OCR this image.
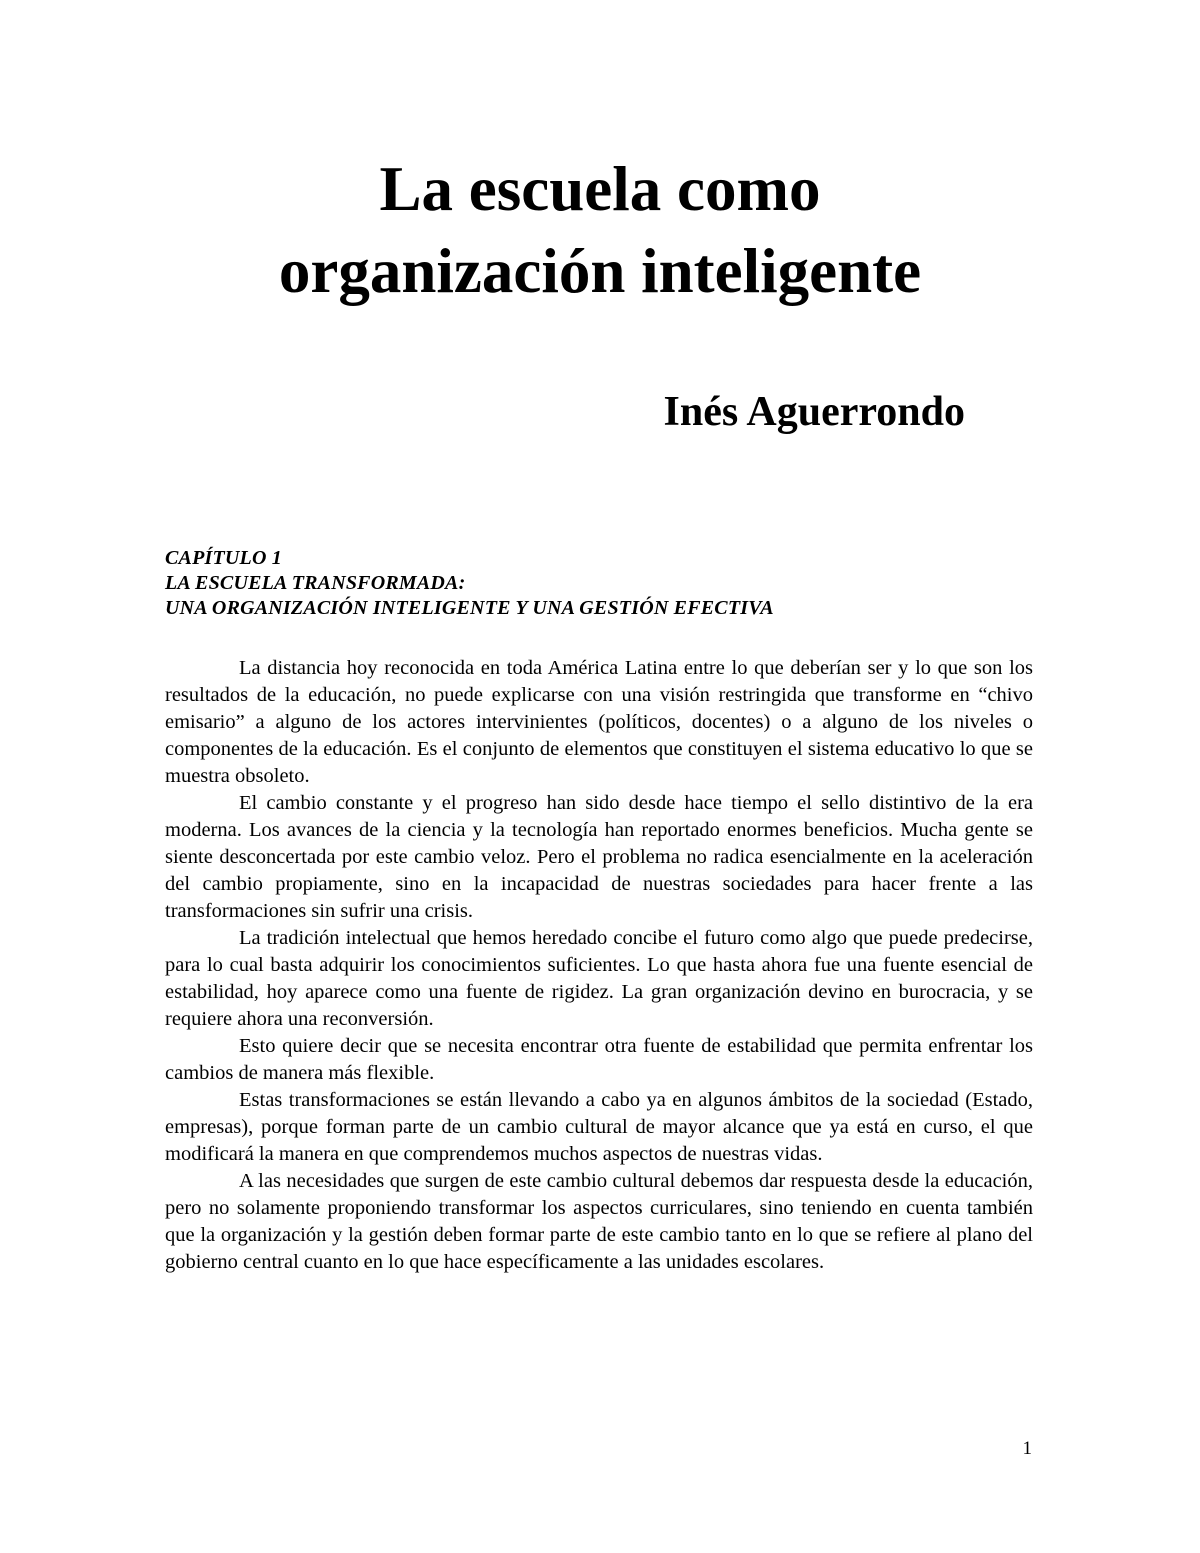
La escuela como
organización inteligente
Inés Aguerrondo
CAPÍTULO 1
LA ESCUELA TRANSFORMADA:
UNA ORGANIZACIÓN INTELIGENTE Y UNA GESTIÓN EFECTIVA

La distancia hoy reconocida en toda América Latina entre lo que deberían ser y lo que son los resultados de la educación, no puede explicarse con una visión restringida que transforme en “chivo emisario” a alguno de los actores intervinientes (políticos, docentes) o a alguno de los niveles o componentes de la educación. Es el conjunto de elementos que constituyen el sistema educativo lo que se muestra obsoleto.

El cambio constante y el progreso han sido desde hace tiempo el sello distintivo de la era moderna. Los avances de la ciencia y la tecnología han reportado enormes beneficios. Mucha gente se siente desconcertada por este cambio veloz. Pero el problema no radica esencialmente en la aceleración del cambio propiamente, sino en la incapacidad de nuestras sociedades para hacer frente a las transformaciones sin sufrir una crisis.

La tradición intelectual que hemos heredado concibe el futuro como algo que puede predecirse, para lo cual basta adquirir los conocimientos suficientes. Lo que hasta ahora fue una fuente esencial de estabilidad, hoy aparece como una fuente de rigidez. La gran organización devino en burocracia, y se requiere ahora una reconversión.

Esto quiere decir que se necesita encontrar otra fuente de estabilidad que permita enfrentar los cambios de manera más flexible.

Estas transformaciones se están llevando a cabo ya en algunos ámbitos de la sociedad (Estado, empresas), porque forman parte de un cambio cultural de mayor alcance que ya está en curso, el que modificará la manera en que comprendemos muchos aspectos de nuestras vidas.

A las necesidades que surgen de este cambio cultural debemos dar respuesta desde la educación, pero no solamente proponiendo transformar los aspectos curriculares, sino teniendo en cuenta también que la organización y la gestión deben formar parte de este cambio tanto en lo que se refiere al plano del gobierno central cuanto en lo que hace específicamente a las unidades escolares.

1
